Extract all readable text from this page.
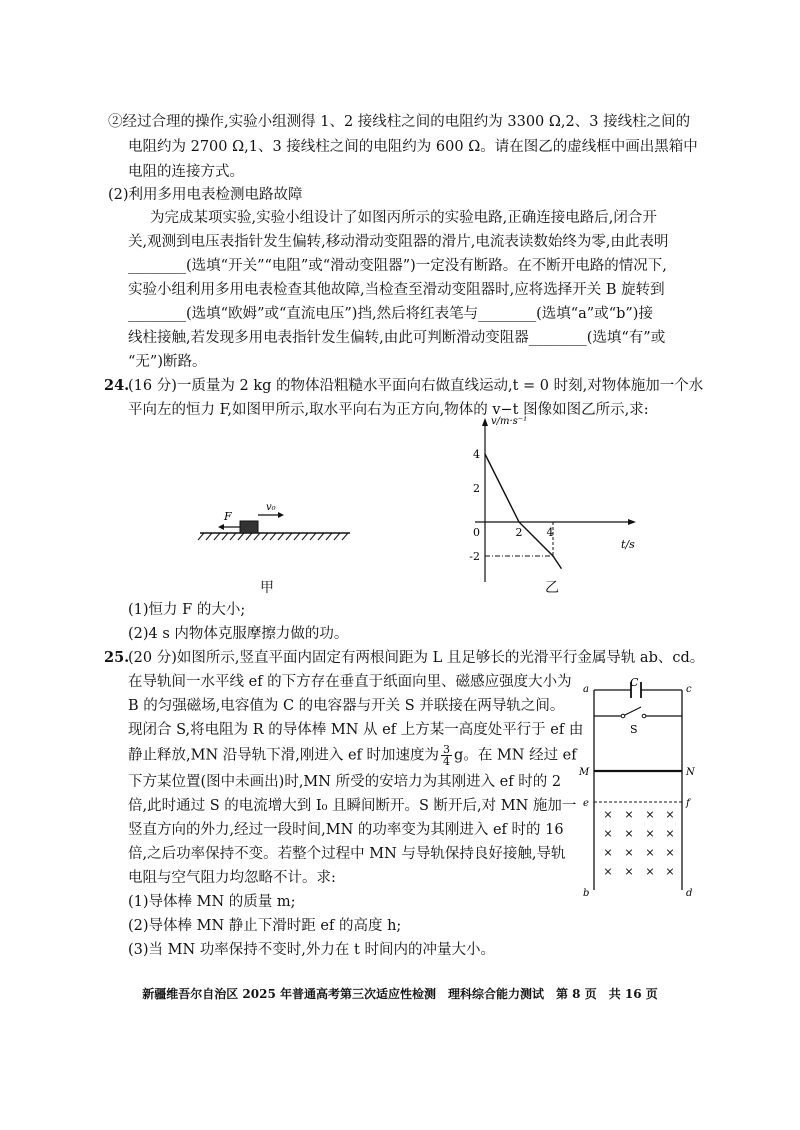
②经过合理的操作,实验小组测得 1、2 接线柱之间的电阻约为 3300 Ω,2、3 接线柱之间的
电阻约为 2700 Ω,1、3 接线柱之间的电阻约为 600 Ω。请在图乙的虚线框中画出黑箱中
电阻的连接方式。
(2)利用多用电表检测电路故障
为完成某项实验,实验小组设计了如图丙所示的实验电路,正确连接电路后,闭合开
关,观测到电压表指针发生偏转,移动滑动变阻器的滑片,电流表读数始终为零,由此表明
________(选填“开关”“电阻”或“滑动变阻器”)一定没有断路。在不断开电路的情况下,
实验小组利用多用电表检查其他故障,当检查至滑动变阻器时,应将选择开关 B 旋转到
________(选填“欧姆”或“直流电压”)挡,然后将红表笔与________(选填“a”或“b”)接
线柱接触,若发现多用电表指针发生偏转,由此可判断滑动变阻器________(选填“有”或
“无”)断路。
24.
(16 分)一质量为 2 kg 的物体沿粗糙水平面向右做直线运动,t = 0 时刻,对物体施加一个水
平向左的恒力 F,如图甲所示,取水平向右为正方向,物体的 v−t 图像如图乙所示,求:
F
v₀
甲
v/m·s⁻¹
t/s
0
4
2
-2
2 4
乙
(1)恒力 F 的大小;
(2)4 s 内物体克服摩擦力做的功。
25.
(20 分)如图所示,竖直平面内固定有两根间距为 L 且足够长的光滑平行金属导轨 ab、cd。
在导轨间一水平线 ef 的下方存在垂直于纸面向里、磁感应强度大小为
B 的匀强磁场,电容值为 C 的电容器与开关 S 并联接在两导轨之间。
现闭合 S,将电阻为 R 的导体棒 MN 从 ef 上方某一高度处平行于 ef 由
静止释放,MN 沿导轨下滑,刚进入 ef 时加速度为 $\frac{3}{4}$ g。在 MN 经过 ef
下方某位置(图中未画出)时,MN 所受的安培力为其刚进入 ef 时的 2
倍,此时通过 S 的电流增大到 I₀ 且瞬间断开。S 断开后,对 MN 施加一
竖直方向的外力,经过一段时间,MN 的功率变为其刚进入 ef 时的 16
倍,之后功率保持不变。若整个过程中 MN 与导轨保持良好接触,导轨
电阻与空气阻力均忽略不计。求:
(1)导体棒 MN 的质量 m;
(2)导体棒 MN 静止下滑时距 ef 的高度 h;
(3)当 MN 功率保持不变时,外力在 t 时间内的冲量大小。
C
S
a	c
b	d
M	N
e	f
× × × ×
× × × ×
× × × ×
× × × ×
新疆维吾尔自治区 2025 年普通高考第三次适应性检测　理科综合能力测试　第 8 页　共 16 页
